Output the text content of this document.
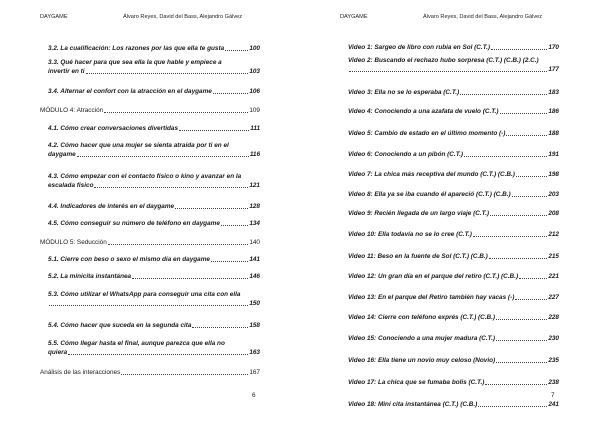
DAYGAME	Álvaro Reyes, David del Bass, Alejandro Gálvez
3.2. La cualificación: Los razones por las que ella te gusta	100
3.3. Qué hacer para que sea ella la que hable y empiece a
invertir en ti	103
3.4. Alternar el confort con la atracción en el daygame	106
MÓDULO 4: Atracción	109
4.1. Cómo crear conversaciones divertidas	111
4.2. Cómo hacer que una mujer se sienta atraída por ti en el
daygame	116
4.3. Cómo empezar con el contacto físico o kino y avanzar en la
escalada físico	121
4.4. Indicadores de interés en el daygame	128
4.5. Cómo conseguir su número de teléfono en daygame	134
MÓDULO 5: Seducción	140
5.1. Cierre con beso o sexo el mismo día en daygame	141
5.2. La minicita instantánea	146
5.3. Cómo utilizar el WhatsApp para conseguir una cita con ella
150
5.4. Cómo hacer que suceda en la segunda cita	158
5.5. Cómo llegar hasta el final, aunque parezca que ella no
quiera	163
Análisis de las interacciones	167
6
DAYGAME	Álvaro Reyes, David del Bass, Alejandro Gálvez
Video 1: Sargeo de libro con rubia en Sol (C.T.)	170
Video 2: Buscando el rechazo hubo sorpresa (C.T.) (C.B.) (2.C.)
177
Video 3: Ella no se lo esperaba (C.T.)	183
Video 4: Conociendo a una azafata de vuelo (C.T.)	186
Video 5: Cambio de estado en el último momento (-)	188
Video 6: Conociendo a un pibón (C.T.)	191
Video 7: La chica más receptiva del mundo (C.T.) (C.B.)	198
Video 8: Ella ya se iba cuando él apareció (C.T.) (C.B.)	203
Video 9: Recién llegada de un largo viaje (C.T.)	208
Video 10: Ella todavía no se lo cree (C.T.)	212
Video 11: Beso en la fuente de Sol (C.T.) (C.B.)	215
Video 12: Un gran día en el parque del retiro (C.T.) (C.B.)	221
Video 13: En el parque del Retiro también hay vacas (-)	227
Video 14: Cierre con teléfono exprés (C.T.) (C.B.)	228
Video 15: Conociendo a una mujer madura (C.T.)	230
Video 16: Ella tiene un novio muy celoso (Novio)	235
Video 17: La chica que se fumaba bolis (C.T.)	238
Video 18: Mini cita instantánea (C.T.) (C.B.)	241
7
